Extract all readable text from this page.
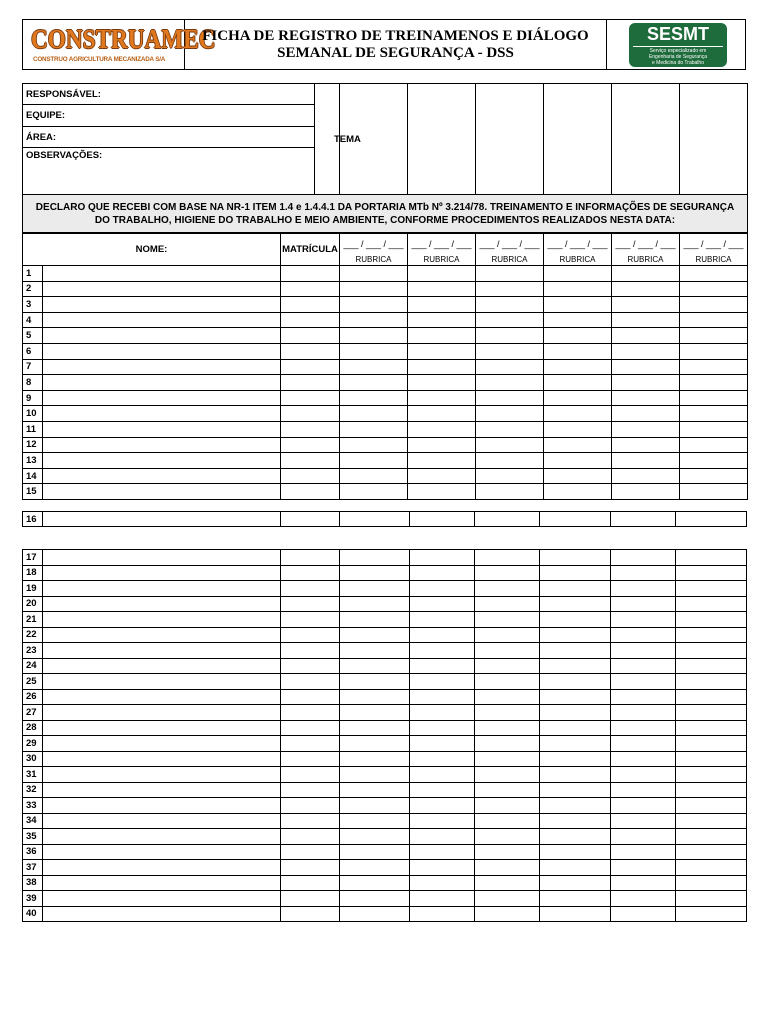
CONSTRUAMEC
CONSTRUO AGRICULTURA MECANIZADA S/A
FICHA DE REGISTRO DE TREINAMENOS E DIÁLOGO
SEMANAL DE SEGURANÇA - DSS
SESMT
Serviço especializado em
Engenharia de Segurança
e Medicina do Trabalho
RESPONSÁVEL:		TEMA					
EQUIPE:
ÁREA:
OBSERVAÇÕES:
DECLARO QUE RECEBI COM BASE NA NR-1 ITEM 1.4 e 1.4.4.1 DA PORTARIA MTb Nº 3.214/78. TREINAMENTO E INFORMAÇÕES DE SEGURANÇA DO TRABALHO, HIGIENE DO TRABALHO E MEIO AMBIENTE, CONFORME PROCEDIMENTOS REALIZADOS NESTA DATA:
NOME:		MATRÍCULA	___ / ___ / ___	___ / ___ / ___	___ / ___ / ___	___ / ___ / ___	___ / ___ / ___	___ / ___ / ___
			RUBRICA	RUBRICA	RUBRICA	RUBRICA	RUBRICA	RUBRICA
1								
2								
3								
4								
5								
6								
7								
8								
9								
10								
11								
12								
13								
14								
15								
16								
17								
18								
19								
20								
21								
22								
23								
24								
25								
26								
27								
28								
29								
30								
31								
32								
33								
34								
35								
36								
37								
38								
39								
40								
